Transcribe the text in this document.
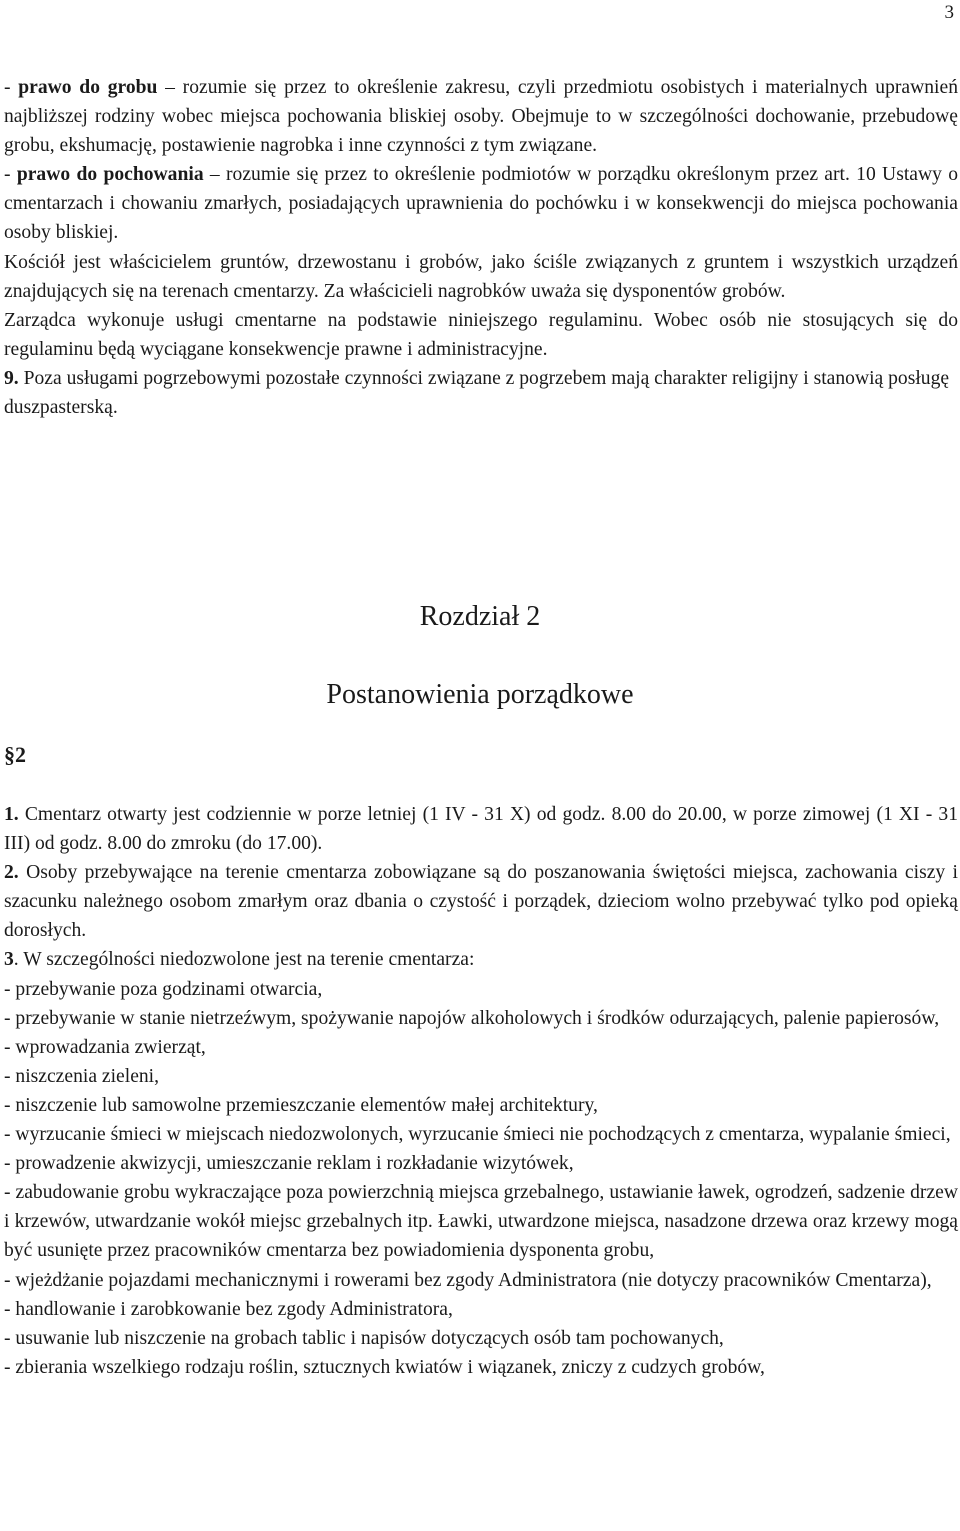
3

- prawo do grobu – rozumie się przez to określenie zakresu, czyli przedmiotu osobistych i materialnych uprawnień najbliższej rodziny wobec miejsca pochowania bliskiej osoby. Obejmuje to w szczególności dochowanie, przebudowę grobu, ekshumację, postawienie nagrobka i inne czynności z tym związane.

- prawo do pochowania – rozumie się przez to określenie podmiotów w porządku określonym przez art. 10 Ustawy o cmentarzach i chowaniu zmarłych, posiadających uprawnienia do pochówku i w konsekwencji do miejsca pochowania osoby bliskiej.

Kościół jest właścicielem gruntów, drzewostanu i grobów, jako ściśle związanych z gruntem i wszystkich urządzeń znajdujących się na terenach cmentarzy. Za właścicieli nagrobków uważa się dysponentów grobów.

Zarządca wykonuje usługi cmentarne na podstawie niniejszego regulaminu. Wobec osób nie stosujących się do regulaminu będą wyciągane konsekwencje prawne i administracyjne.

9. Poza usługami pogrzebowymi pozostałe czynności związane z pogrzebem mają charakter religijny i stanowią posługę duszpasterską.

Rozdział 2
Postanowienia porządkowe
§2

1. Cmentarz otwarty jest codziennie w porze letniej (1 IV - 31 X) od godz. 8.00 do 20.00, w porze zimowej (1 XI - 31 III) od godz. 8.00 do zmroku (do 17.00).

2. Osoby przebywające na terenie cmentarza zobowiązane są do poszanowania świętości miejsca, zachowania ciszy i szacunku należnego osobom zmarłym oraz dbania o czystość i porządek, dzieciom wolno przebywać tylko pod opieką dorosłych.

3. W szczególności niedozwolone jest na terenie cmentarza:

- przebywanie poza godzinami otwarcia,

- przebywanie w stanie nietrzeźwym, spożywanie napojów alkoholowych i środków odurzających, palenie papierosów,

- wprowadzania zwierząt,

- niszczenia zieleni,

- niszczenie lub samowolne przemieszczanie elementów małej architektury,

- wyrzucanie śmieci w miejscach niedozwolonych, wyrzucanie śmieci nie pochodzących z cmentarza, wypalanie śmieci,

- prowadzenie akwizycji, umieszczanie reklam i rozkładanie wizytówek,

- zabudowanie grobu wykraczające poza powierzchnią miejsca grzebalnego, ustawianie ławek, ogrodzeń, sadzenie drzew i krzewów, utwardzanie wokół miejsc grzebalnych itp. Ławki, utwardzone miejsca, nasadzone drzewa oraz krzewy mogą być usunięte przez pracowników cmentarza bez powiadomienia dysponenta grobu,

- wjeżdżanie pojazdami mechanicznymi i rowerami bez zgody Administratora (nie dotyczy pracowników Cmentarza),

- handlowanie i zarobkowanie bez zgody Administratora,

- usuwanie lub niszczenie na grobach tablic i napisów dotyczących osób tam pochowanych,

- zbierania wszelkiego rodzaju roślin, sztucznych kwiatów i wiązanek, zniczy z cudzych grobów,
